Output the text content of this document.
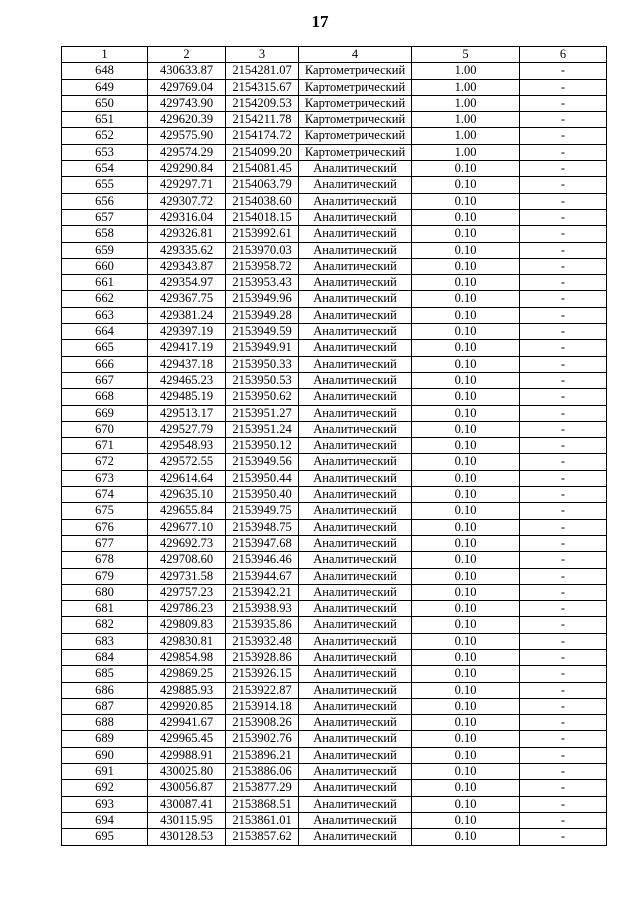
17
1	2	3	4	5	6
648	430633.87	2154281.07	Картометрический	1.00	-
649	429769.04	2154315.67	Картометрический	1.00	-
650	429743.90	2154209.53	Картометрический	1.00	-
651	429620.39	2154211.78	Картометрический	1.00	-
652	429575.90	2154174.72	Картометрический	1.00	-
653	429574.29	2154099.20	Картометрический	1.00	-
654	429290.84	2154081.45	Аналитический	0.10	-
655	429297.71	2154063.79	Аналитический	0.10	-
656	429307.72	2154038.60	Аналитический	0.10	-
657	429316.04	2154018.15	Аналитический	0.10	-
658	429326.81	2153992.61	Аналитический	0.10	-
659	429335.62	2153970.03	Аналитический	0.10	-
660	429343.87	2153958.72	Аналитический	0.10	-
661	429354.97	2153953.43	Аналитический	0.10	-
662	429367.75	2153949.96	Аналитический	0.10	-
663	429381.24	2153949.28	Аналитический	0.10	-
664	429397.19	2153949.59	Аналитический	0.10	-
665	429417.19	2153949.91	Аналитический	0.10	-
666	429437.18	2153950.33	Аналитический	0.10	-
667	429465.23	2153950.53	Аналитический	0.10	-
668	429485.19	2153950.62	Аналитический	0.10	-
669	429513.17	2153951.27	Аналитический	0.10	-
670	429527.79	2153951.24	Аналитический	0.10	-
671	429548.93	2153950.12	Аналитический	0.10	-
672	429572.55	2153949.56	Аналитический	0.10	-
673	429614.64	2153950.44	Аналитический	0.10	-
674	429635.10	2153950.40	Аналитический	0.10	-
675	429655.84	2153949.75	Аналитический	0.10	-
676	429677.10	2153948.75	Аналитический	0.10	-
677	429692.73	2153947.68	Аналитический	0.10	-
678	429708.60	2153946.46	Аналитический	0.10	-
679	429731.58	2153944.67	Аналитический	0.10	-
680	429757.23	2153942.21	Аналитический	0.10	-
681	429786.23	2153938.93	Аналитический	0.10	-
682	429809.83	2153935.86	Аналитический	0.10	-
683	429830.81	2153932.48	Аналитический	0.10	-
684	429854.98	2153928.86	Аналитический	0.10	-
685	429869.25	2153926.15	Аналитический	0.10	-
686	429885.93	2153922.87	Аналитический	0.10	-
687	429920.85	2153914.18	Аналитический	0.10	-
688	429941.67	2153908.26	Аналитический	0.10	-
689	429965.45	2153902.76	Аналитический	0.10	-
690	429988.91	2153896.21	Аналитический	0.10	-
691	430025.80	2153886.06	Аналитический	0.10	-
692	430056.87	2153877.29	Аналитический	0.10	-
693	430087.41	2153868.51	Аналитический	0.10	-
694	430115.95	2153861.01	Аналитический	0.10	-
695	430128.53	2153857.62	Аналитический	0.10	-
